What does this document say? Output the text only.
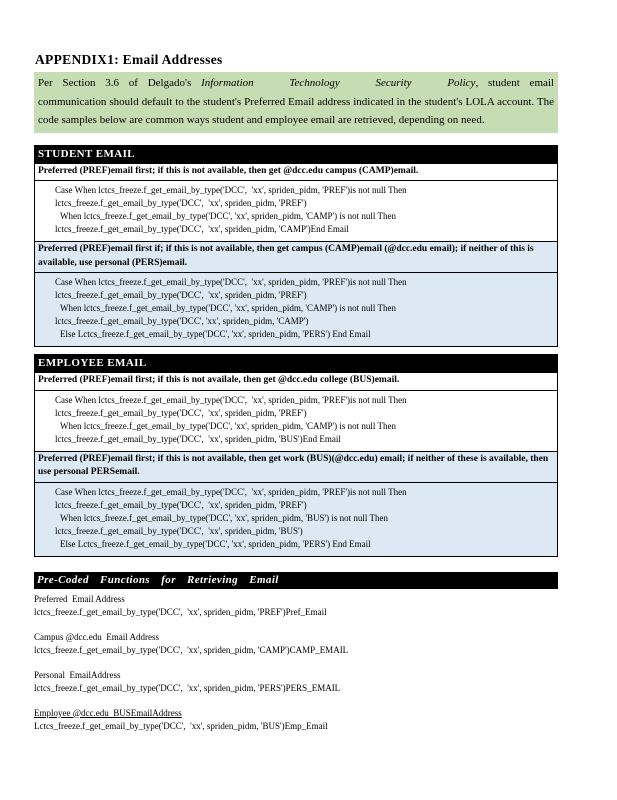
APPENDIX1: Email Addresses
Per Section 3.6 of Delgado's Information Technology Security Policy, student email communication should default to the student's Preferred Email address indicated in the student's LOLA account. The code samples below are common ways student and employee email are retrieved, depending on need.
STUDENT EMAIL
Preferred (PREF)email first; if this is not available, then get @dcc.edu campus (CAMP)email.
Case When lctcs_freeze.f_get_email_by_type('DCC',  'xx', spriden_pidm, 'PREF')is not null Then
lctcs_freeze.f_get_email_by_type('DCC',  'xx', spriden_pidm, 'PREF')
When lctcs_freeze.f_get_email_by_type('DCC', 'xx', spriden_pidm, 'CAMP') is not null Then
lctcs_freeze.f_get_email_by_type('DCC',  'xx', spriden_pidm, 'CAMP')End Email
Preferred (PREF)email first if; if this is not available, then get campus (CAMP)email (@dcc.edu email); if neither of this is available, use personal (PERS)email.
Case When lctcs_freeze.f_get_email_by_type('DCC',  'xx', spriden_pidm, 'PREF')is not null Then
lctcs_freeze.f_get_email_by_type('DCC',  'xx', spriden_pidm, 'PREF')
When lctcs_freeze.f_get_email_by_type('DCC', 'xx', spriden_pidm, 'CAMP') is not null Then
lctcs_freeze.f_get_email_by_type('DCC', 'xx', spriden_pidm, 'CAMP')
Else Lctcs_freeze.f_get_email_by_type('DCC', 'xx', spriden_pidm, 'PERS') End Email
EMPLOYEE EMAIL
Preferred (PREF)email first; if this is not availale, then get @dcc.edu college (BUS)email.
Case When lctcs_freeze.f_get_email_by_type('DCC',  'xx', spriden_pidm, 'PREF')is not null Then
lctcs_freeze.f_get_email_by_type('DCC',  'xx', spriden_pidm, 'PREF')
When lctcs_freeze.f_get_email_by_type('DCC', 'xx', spriden_pidm, 'CAMP') is not null Then
lctcs_freeze.f_get_email_by_type('DCC',  'xx', spriden_pidm, 'BUS')End Email
Preferred (PREF)email first; if this is not available, then get work (BUS)(@dcc.edu) email; if neither of these is available, then use personal PERSemail.
Case When lctcs_freeze.f_get_email_by_type('DCC',  'xx', spriden_pidm, 'PREF')is not null Then
lctcs_freeze.f_get_email_by_type('DCC',  'xx', spriden_pidm, 'PREF')
When lctcs_freeze.f_get_email_by_type('DCC', 'xx', spriden_pidm, 'BUS') is not null Then
lctcs_freeze.f_get_email_by_type('DCC',  'xx', spriden_pidm, 'BUS')
Else Lctcs_freeze.f_get_email_by_type('DCC', 'xx', spriden_pidm, 'PERS') End Email
Pre-Coded Functions for Retrieving Email
Preferred  Email Address
lctcs_freeze.f_get_email_by_type('DCC',  'xx', spriden_pidm, 'PREF')Pref_Email
Campus @dcc.edu  Email Address
lctcs_freeze.f_get_email_by_type('DCC',  'xx', spriden_pidm, 'CAMP')CAMP_EMAIL
Personal  EmailAddress
lctcs_freeze.f_get_email_by_type('DCC',  'xx', spriden_pidm, 'PERS')PERS_EMAIL
Employee @dcc.edu  BUSEmailAddress
Lctcs_freeze.f_get_email_by_type('DCC',  'xx', spriden_pidm, 'BUS')Emp_Email
